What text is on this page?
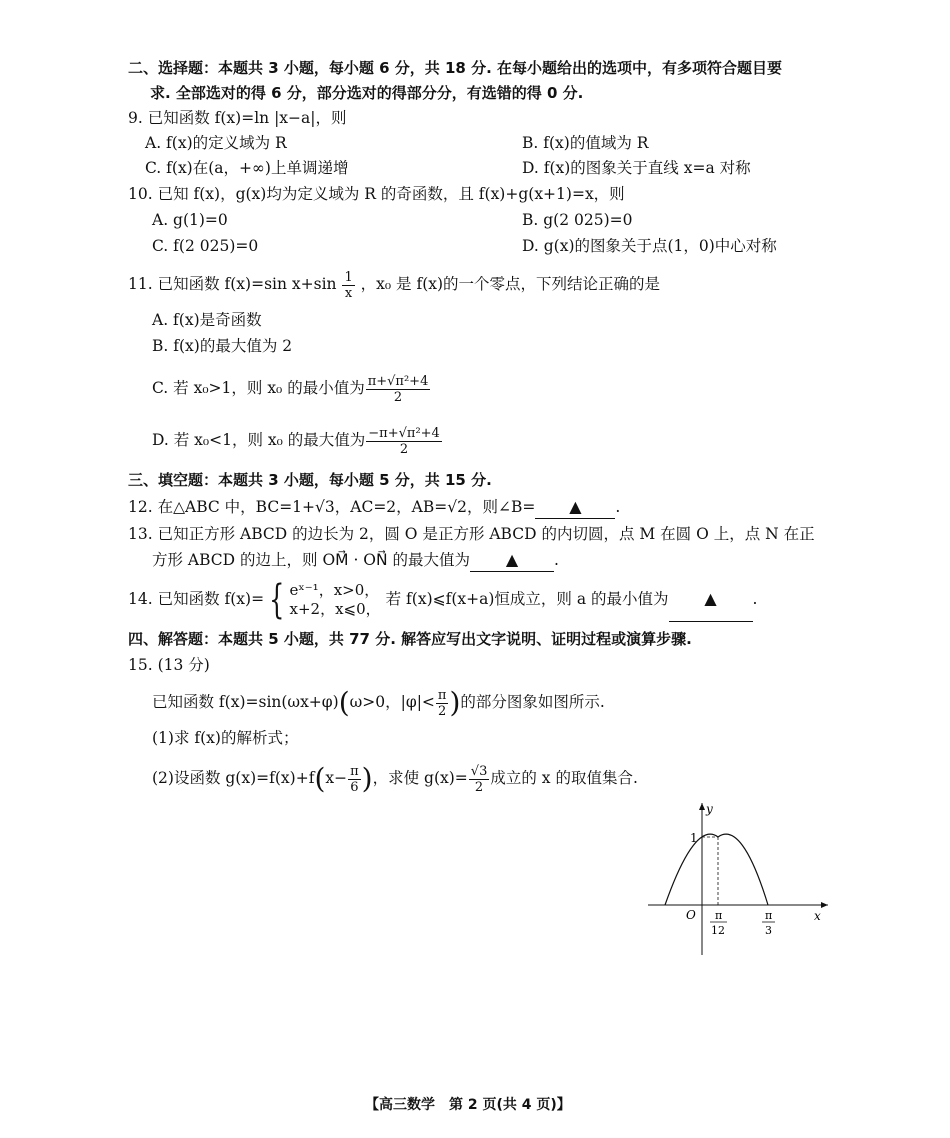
二、选择题：本题共 3 小题，每小题 6 分，共 18 分. 在每小题给出的选项中，有多项符合题目要
求. 全部选对的得 6 分，部分选对的得部分分，有选错的得 0 分.
9. 已知函数 f(x)=ln |x−a|，则
A. f(x)的定义域为 R	B. f(x)的值域为 R
C. f(x)在(a，+∞)上单调递增	D. f(x)的图象关于直线 x=a 对称
10. 已知 f(x)，g(x)均为定义域为 R 的奇函数，且 f(x)+g(x+1)=x，则
A. g(1)=0	B. g(2 025)=0
C. f(2 025)=0	D. g(x)的图象关于点(1，0)中心对称
11. 已知函数 f(x)=sin $x+\sin \frac{1}{x}$ ，x₀ 是 f(x)的一个零点，下列结论正确的是
A. f(x)是奇函数
B. f(x)的最大值为 2
C. 若 x₀>1，则 x₀ 的最小值为 $\frac{\text{π+√π²+4}}{2}$
D. 若 x₀<1，则 x₀ 的最大值为 $\frac{\text{−π+√π²+4}}{2}$
三、填空题：本题共 3 小题，每小题 5 分，共 15 分.
12. 在△ABC 中，BC=1+√3，AC=2，AB=√2，则∠B= ▲ .
13. 已知正方形 ABCD 的边长为 2，圆 O 是正方形 ABCD 的内切圆，点 M 在圆 O 上，点 N 在正
方形 ABCD 的边上，则 OM⃗ · ON⃗ 的最大值为 ▲ .
14. 已知函数 f(x)= { eˣ⁻¹，x>0，
x+2，x⩽0，
若 f(x)⩽f(x+a)恒成立，则 a 的最小值为 ▲ .
四、解答题：本题共 5 小题，共 77 分. 解答应写出文字说明、证明过程或演算步骤.
15. (13 分)
已知函数 f(x)=sin(ωx+φ)(ω>0，$|\varphi|< \frac{\pi}{2}$ )的部分图象如图所示.
(1)求 f(x)的解析式；
(2)设函数 $g(x)=f(x)+f(x- \frac{\pi}{6}$ )，求使 $g(x)= \frac{√3}{2}$ 成立的 x 的取值集合.
y
x
O
1
π
12
π
3
【高三数学　第 2 页(共 4 页)】
